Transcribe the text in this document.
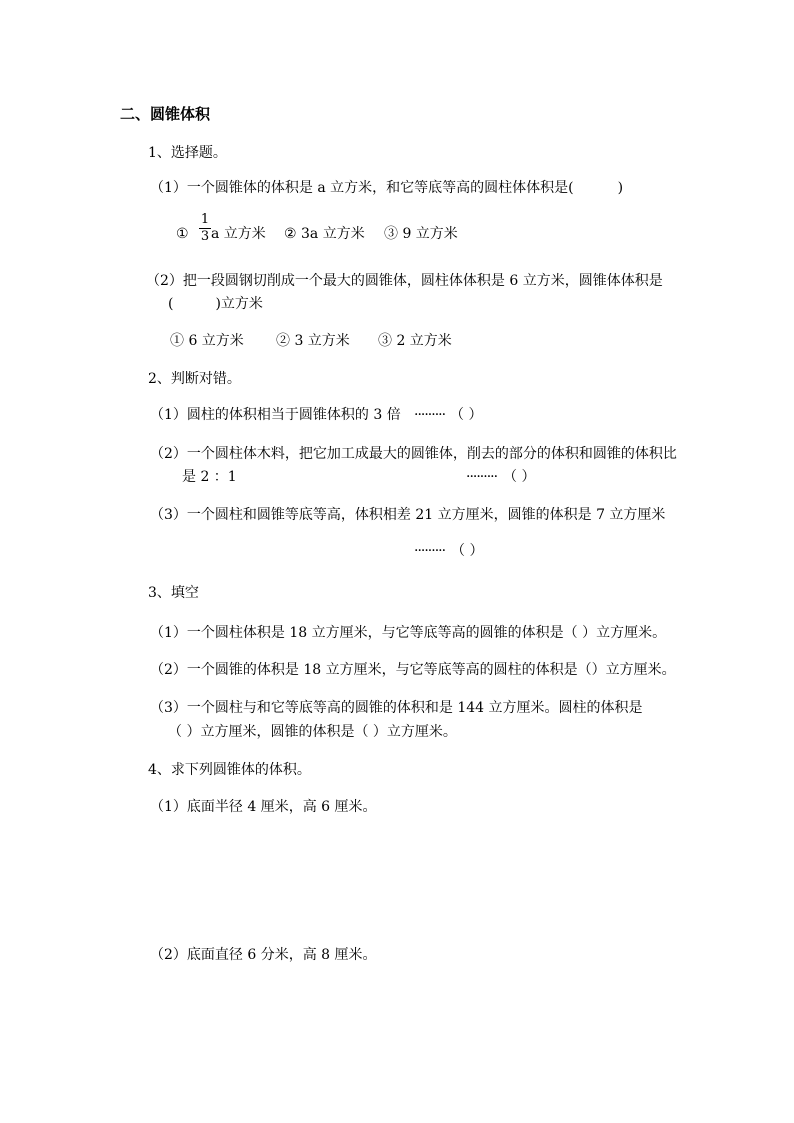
二、圆锥体积
1、选择题。
（1）一个圆锥体的体积是 a 立方米，和它等底等高的圆柱体体积是(	)
① $\frac{1}{3}$ a 立方米 ② 3a 立方米 ③ 9 立方米
（2）把一段圆钢切削成一个最大的圆锥体，圆柱体体积是 6 立方米，圆锥体体积是
(	)立方米
① 6 立方米 ② 3 立方米 ③ 2 立方米
2、判断对错。
（1）圆柱的体积相当于圆锥体积的 3 倍 ········· （ ）
（2）一个圆柱体木料，把它加工成最大的圆锥体，削去的部分的体积和圆锥的体积比
是 2 ：1	········· （ ）
（3）一个圆柱和圆锥等底等高，体积相差 21 立方厘米，圆锥的体积是 7 立方厘米
········· （ ）
3、填空
（1）一个圆柱体积是 18 立方厘米，与它等底等高的圆锥的体积是（ ）立方厘米。
（2）一个圆锥的体积是 18 立方厘米，与它等底等高的圆柱的体积是（）立方厘米。
（3）一个圆柱与和它等底等高的圆锥的体积和是 144 立方厘米。圆柱的体积是
（ ）立方厘米，圆锥的体积是（ ）立方厘米。
4、求下列圆锥体的体积。
（1）底面半径 4 厘米，高 6 厘米。
（2）底面直径 6 分米，高 8 厘米。
